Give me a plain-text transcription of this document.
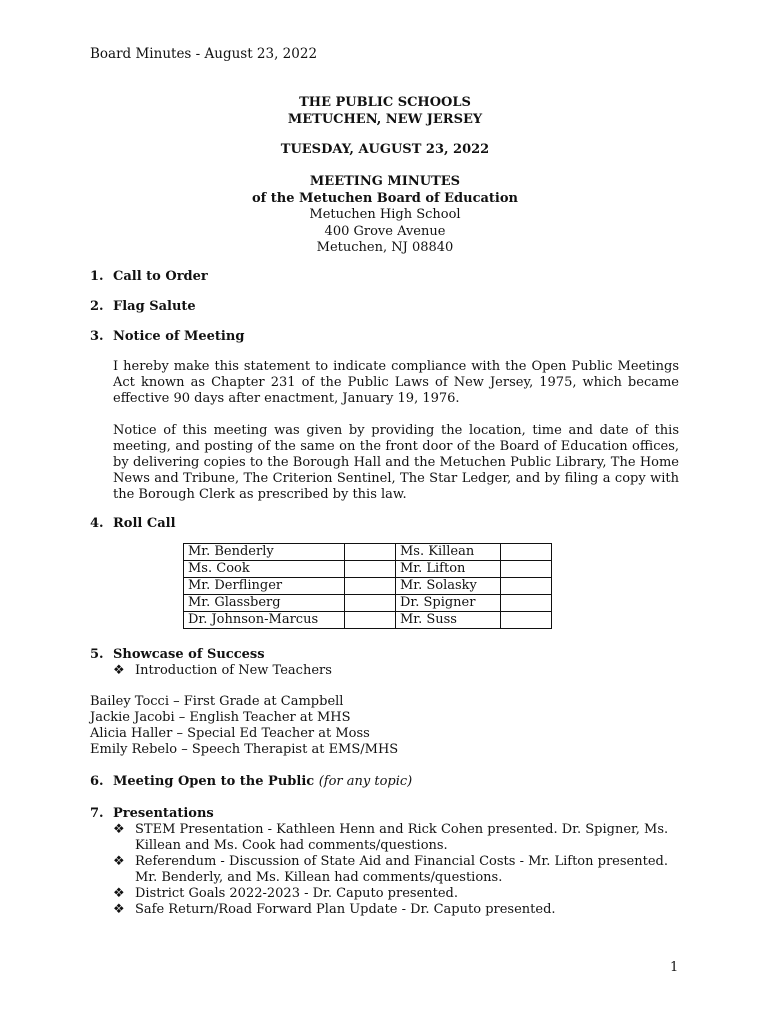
Board Minutes - August 23, 2022
THE PUBLIC SCHOOLS
METUCHEN, NEW JERSEY
TUESDAY, AUGUST 23, 2022
MEETING MINUTES
of the Metuchen Board of Education
Metuchen High School
400 Grove Avenue
Metuchen, NJ 08840
1. Call to Order
2. Flag Salute
3. Notice of Meeting
I hereby make this statement to indicate compliance with the Open Public Meetings Act known as Chapter 231 of the Public Laws of New Jersey, 1975, which became effective 90 days after enactment, January 19, 1976.
Notice of this meeting was given by providing the location, time and date of this meeting, and posting of the same on the front door of the Board of Education offices, by delivering copies to the Borough Hall and the Metuchen Public Library, The Home News and Tribune, The Criterion Sentinel, The Star Ledger, and by filing a copy with the Borough Clerk as prescribed by this law.
4. Roll Call
Mr. Benderly		Ms. Killean	
Ms. Cook		Mr. Lifton	
Mr. Derflinger		Mr. Solasky	
Mr. Glassberg		Dr. Spigner	
Dr. Johnson-Marcus		Mr. Suss	
5. Showcase of Success
❖ Introduction of New Teachers
Bailey Tocci – First Grade at Campbell
Jackie Jacobi – English Teacher at MHS
Alicia Haller – Special Ed Teacher at Moss
Emily Rebelo – Speech Therapist at EMS/MHS
6. Meeting Open to the Public (for any topic)
7. Presentations
❖ STEM Presentation - Kathleen Henn and Rick Cohen presented. Dr. Spigner, Ms. Killean and Ms. Cook had comments/questions.
❖ Referendum - Discussion of State Aid and Financial Costs - Mr. Lifton presented. Mr. Benderly, and Ms. Killean had comments/questions.
❖ District Goals 2022-2023 - Dr. Caputo presented.
❖ Safe Return/Road Forward Plan Update - Dr. Caputo presented.
1
